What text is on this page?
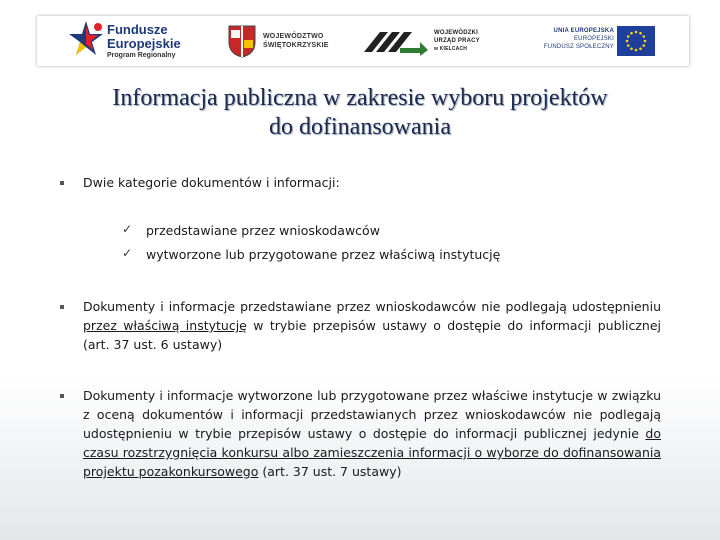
Fundusze
Europejskie
Program Regionalny
WOJEWÓDZTWO
ŚWIĘTOKRZYSKIE
WOJEWÓDZKI
URZĄD PRACY
w KIELCACH
UNIA EUROPEJSKA
EUROPEJSKI
FUNDUSZ SPOŁECZNY
Informacja publiczna w zakresie wyboru projektów
do dofinansowania
Dwie kategorie dokumentów i informacji:
✓ przedstawiane przez wnioskodawców
✓ wytworzone lub przygotowane przez właściwą instytucję
Dokumenty i informacje przedstawiane przez wnioskodawców nie podlegają udostępnieniu przez właściwą instytucję w trybie przepisów ustawy o dostępie do informacji publicznej (art. 37 ust. 6 ustawy)
Dokumenty i informacje wytworzone lub przygotowane przez właściwe instytucje w związku z oceną dokumentów i informacji przedstawianych przez wnioskodawców nie podlegają udostępnieniu w trybie przepisów ustawy o dostępie do informacji publicznej jedynie do czasu rozstrzygnięcia konkursu albo zamieszczenia informacji o wyborze do dofinansowania projektu pozakonkursowego (art. 37 ust. 7 ustawy)
